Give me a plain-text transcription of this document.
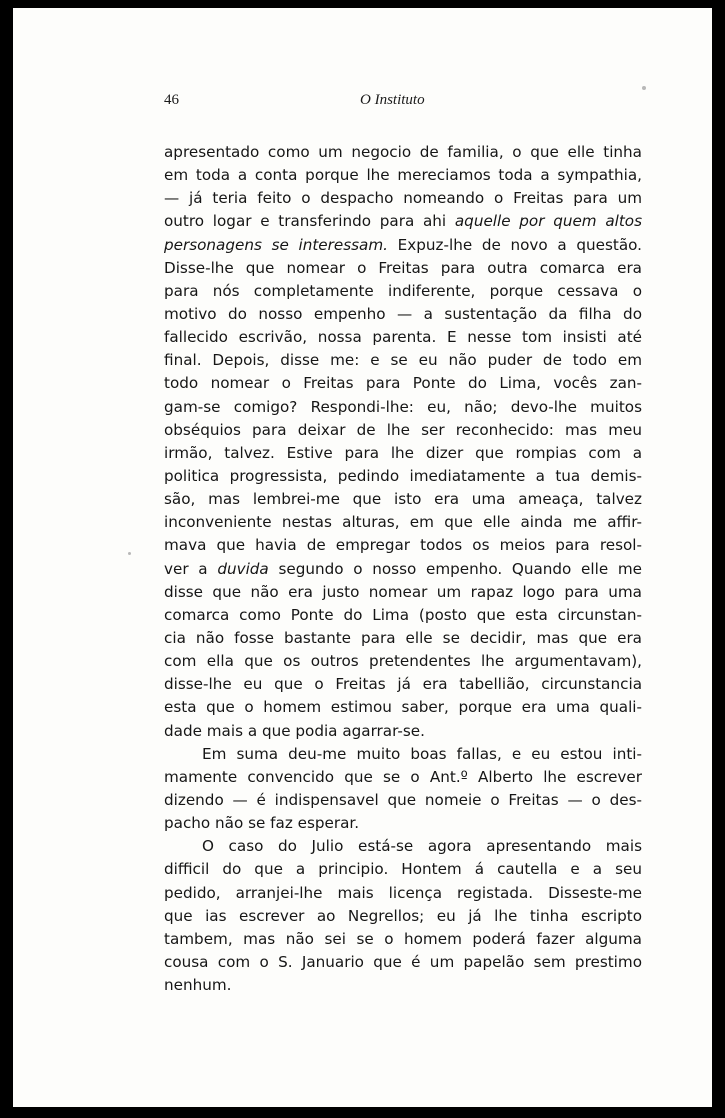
46	O Instituto
apresentado como um negocio de familia, o que elle tinha
em toda a conta porque lhe mereciamos toda a sympathia,
— já teria feito o despacho nomeando o Freitas para um
outro logar e transferindo para ahi aquelle por quem altos
personagens se interessam. Expuz-lhe de novo a questão.
Disse-lhe que nomear o Freitas para outra comarca era
para nós completamente indiferente, porque cessava o
motivo do nosso empenho — a sustentação da filha do
fallecido escrivão, nossa parenta. E nesse tom insisti até
final. Depois, disse me: e se eu não puder de todo em
todo nomear o Freitas para Ponte do Lima, vocês zan-
gam-se comigo? Respondi-lhe: eu, não; devo-lhe muitos
obséquios para deixar de lhe ser reconhecido: mas meu
irmão, talvez. Estive para lhe dizer que rompias com a
politica progressista, pedindo imediatamente a tua demis-
são, mas lembrei-me que isto era uma ameaça, talvez
inconveniente nestas alturas, em que elle ainda me affir-
mava que havia de empregar todos os meios para resol-
ver a duvida segundo o nosso empenho. Quando elle me
disse que não era justo nomear um rapaz logo para uma
comarca como Ponte do Lima (posto que esta circunstan-
cia não fosse bastante para elle se decidir, mas que era
com ella que os outros pretendentes lhe argumentavam),
disse-lhe eu que o Freitas já era tabellião, circunstancia
esta que o homem estimou saber, porque era uma quali-
dade mais a que podia agarrar-se.
Em suma deu-me muito boas fallas, e eu estou inti-
mamente convencido que se o Ant.º Alberto lhe escrever
dizendo — é indispensavel que nomeie o Freitas — o des-
pacho não se faz esperar.
O caso do Julio está-se agora apresentando mais
difficil do que a principio. Hontem á cautella e a seu
pedido, arranjei-lhe mais licença registada. Disseste-me
que ias escrever ao Negrellos; eu já lhe tinha escripto
tambem, mas não sei se o homem poderá fazer alguma
cousa com o S. Januario que é um papelão sem prestimo
nenhum.
